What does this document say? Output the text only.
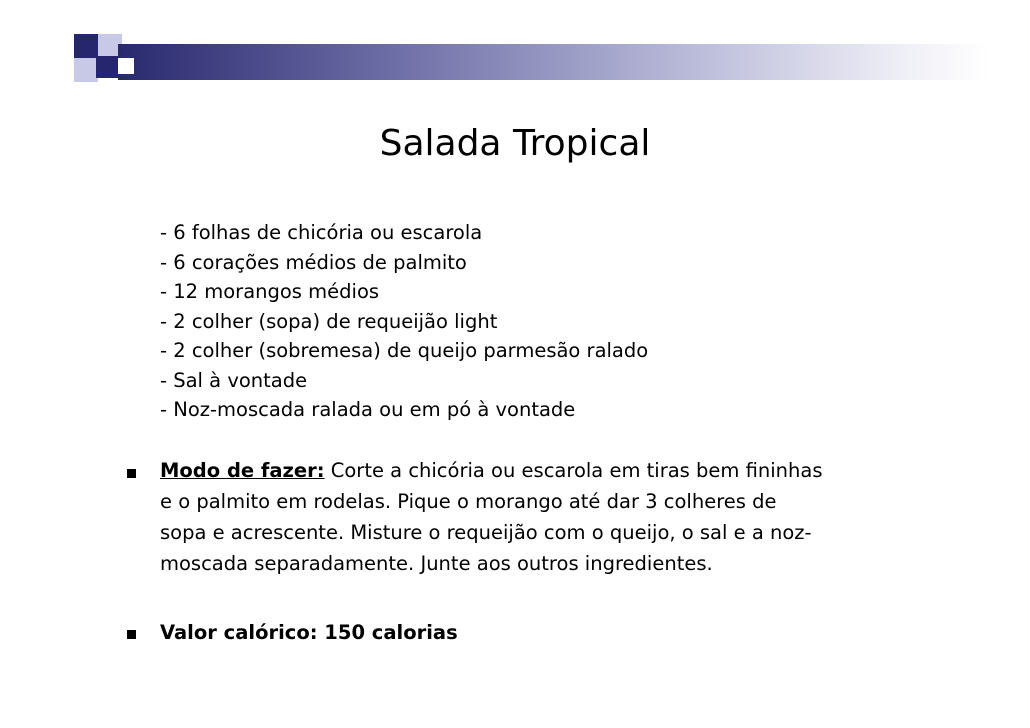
Salada Tropical
- 6 folhas de chicória ou escarola
- 6 corações médios de palmito
- 12 morangos médios
- 2 colher (sopa) de requeijão light
- 2 colher (sobremesa) de queijo parmesão ralado
- Sal à vontade
- Noz-moscada ralada ou em pó à vontade
Modo de fazer: Corte a chicória ou escarola em tiras bem fininhas
e o palmito em rodelas. Pique o morango até dar 3 colheres de
sopa e acrescente. Misture o requeijão com o queijo, o sal e a noz-
moscada separadamente. Junte aos outros ingredientes.
Valor calórico: 150 calorias
